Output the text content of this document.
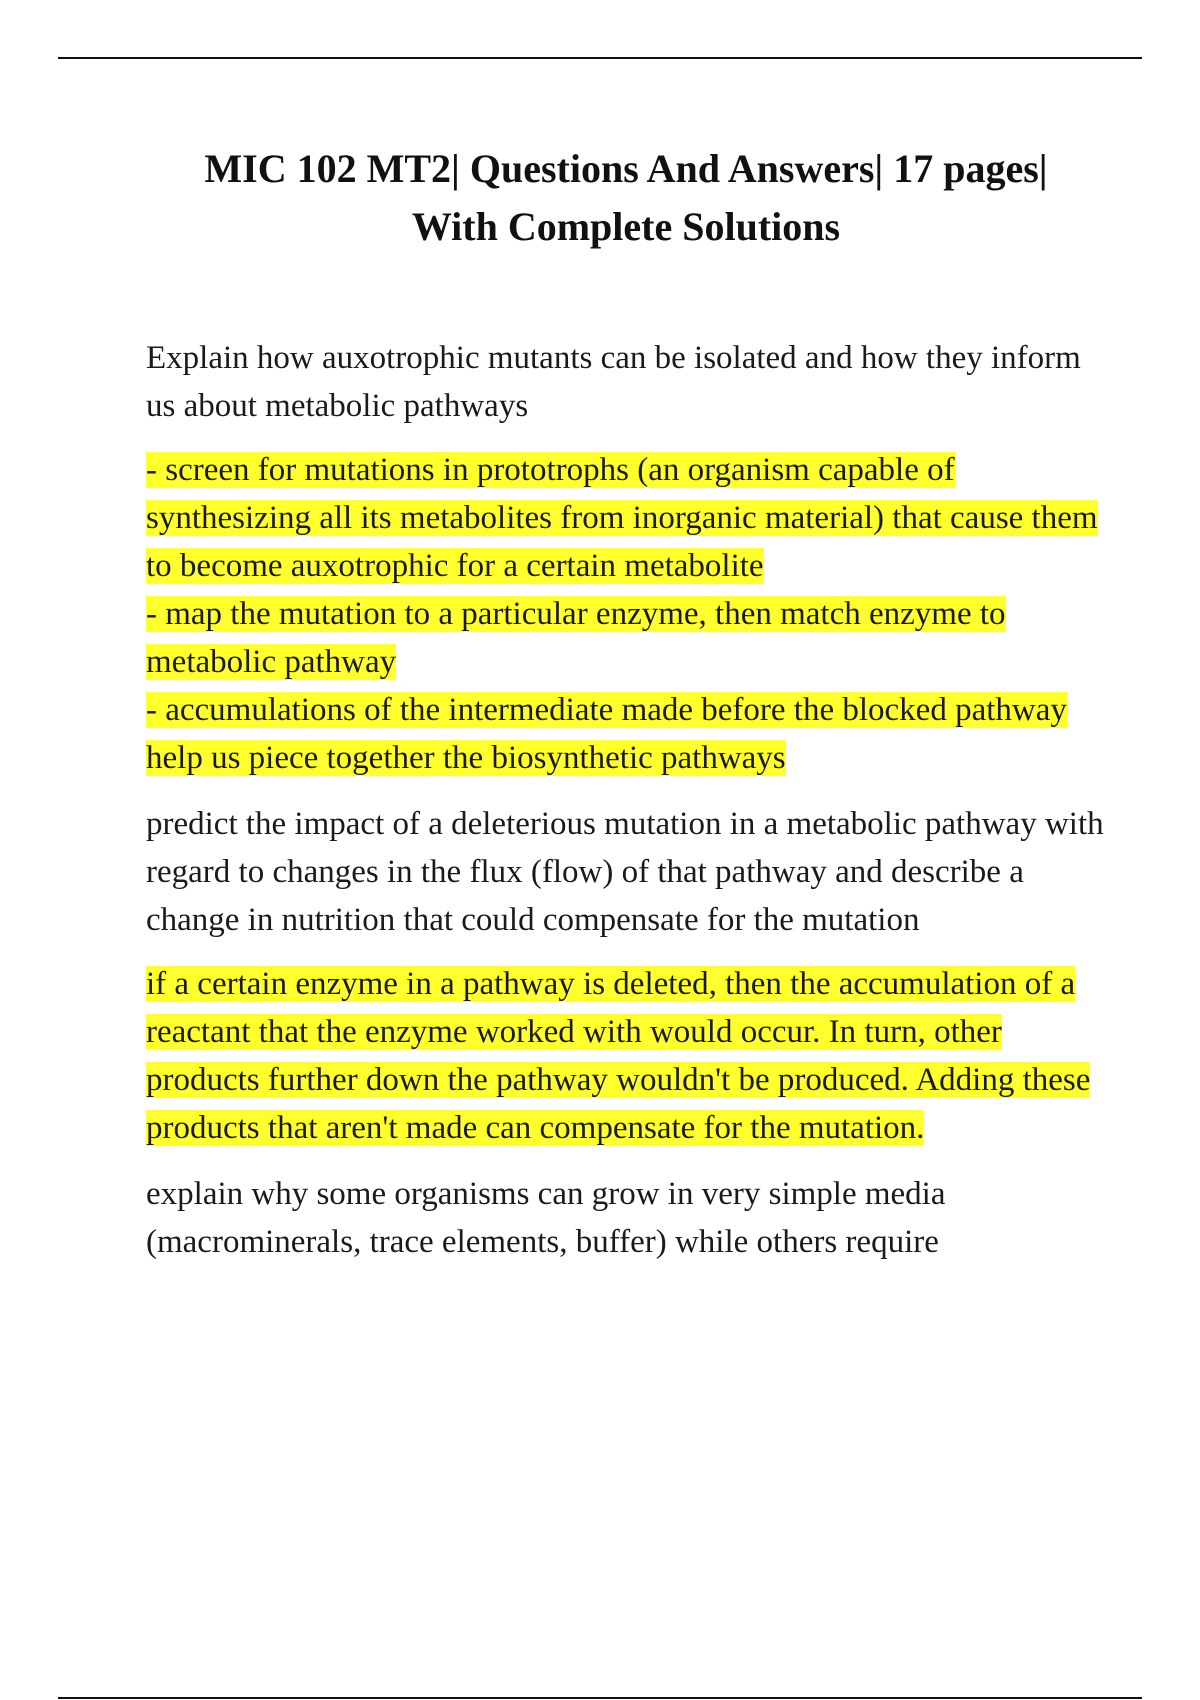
MIC 102 MT2| Questions And Answers| 17 pages|
With Complete Solutions

Explain how auxotrophic mutants can be isolated and how they inform us about metabolic pathways

- screen for mutations in prototrophs (an organism capable of synthesizing all its metabolites from inorganic material) that cause them to become auxotrophic for a certain metabolite
- map the mutation to a particular enzyme, then match enzyme to metabolic pathway
- accumulations of the intermediate made before the blocked pathway help us piece together the biosynthetic pathways

predict the impact of a deleterious mutation in a metabolic pathway with regard to changes in the flux (flow) of that pathway and describe a change in nutrition that could compensate for the mutation

if a certain enzyme in a pathway is deleted, then the accumulation of a reactant that the enzyme worked with would occur. In turn, other products further down the pathway wouldn't be produced. Adding these products that aren't made can compensate for the mutation.

explain why some organisms can grow in very simple media (macrominerals, trace elements, buffer) while others require
